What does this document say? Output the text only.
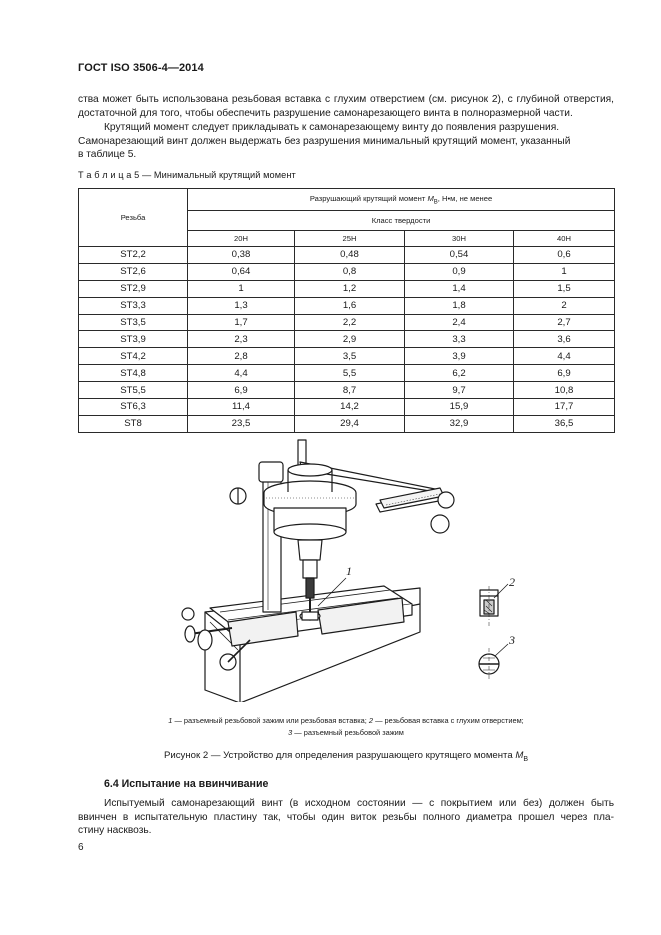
ГОСТ ISO 3506-4—2014
ства может быть использована резьбовая вставка с глухим отверстием (см. рисунок 2), с глубиной отверстия,
достаточной для того, чтобы обеспечить разрушение самонарезающего винта в полноразмерной части.
Крутящий момент следует прикладывать к самонарезающему винту до появления разрушения.
Самонарезающий винт должен выдержать без разрушения минимальный крутящий момент, указанный
в таблице 5.
Т а б л и ц а 5 — Минимальный крутящий момент
Резьба	Разрушающий крутящий момент $M_B$, Н•м, не менее			
	Класс твердости			
	20H	25H	30H	40H
ST2,2	0,38	0,48	0,54	0,6
ST2,6	0,64	0,8	0,9	1
ST2,9	1	1,2	1,4	1,5
ST3,3	1,3	1,6	1,8	2
ST3,5	1,7	2,2	2,4	2,7
ST3,9	2,3	2,9	3,3	3,6
ST4,2	2,8	3,5	3,9	4,4
ST4,8	4,4	5,5	6,2	6,9
ST5,5	6,9	8,7	9,7	10,8
ST6,3	11,4	14,2	15,9	17,7
ST8	23,5	29,4	32,9	36,5
1
2
3
1 — разъемный резьбовой зажим или резьбовая вставка; 2 — резьбовая вставка с глухим отверстием;
3 — разъемный резьбовой зажим
Рисунок 2 — Устройство для определения разрушающего крутящего момента $M_B$
6.4 Испытание на ввинчивание
Испытуемый самонарезающий винт (в исходном состоянии — с покрытием или без) должен быть
ввинчен в испытательную пластину так, чтобы один виток резьбы полного диаметра прошел через пла-
стину насквозь.
6
